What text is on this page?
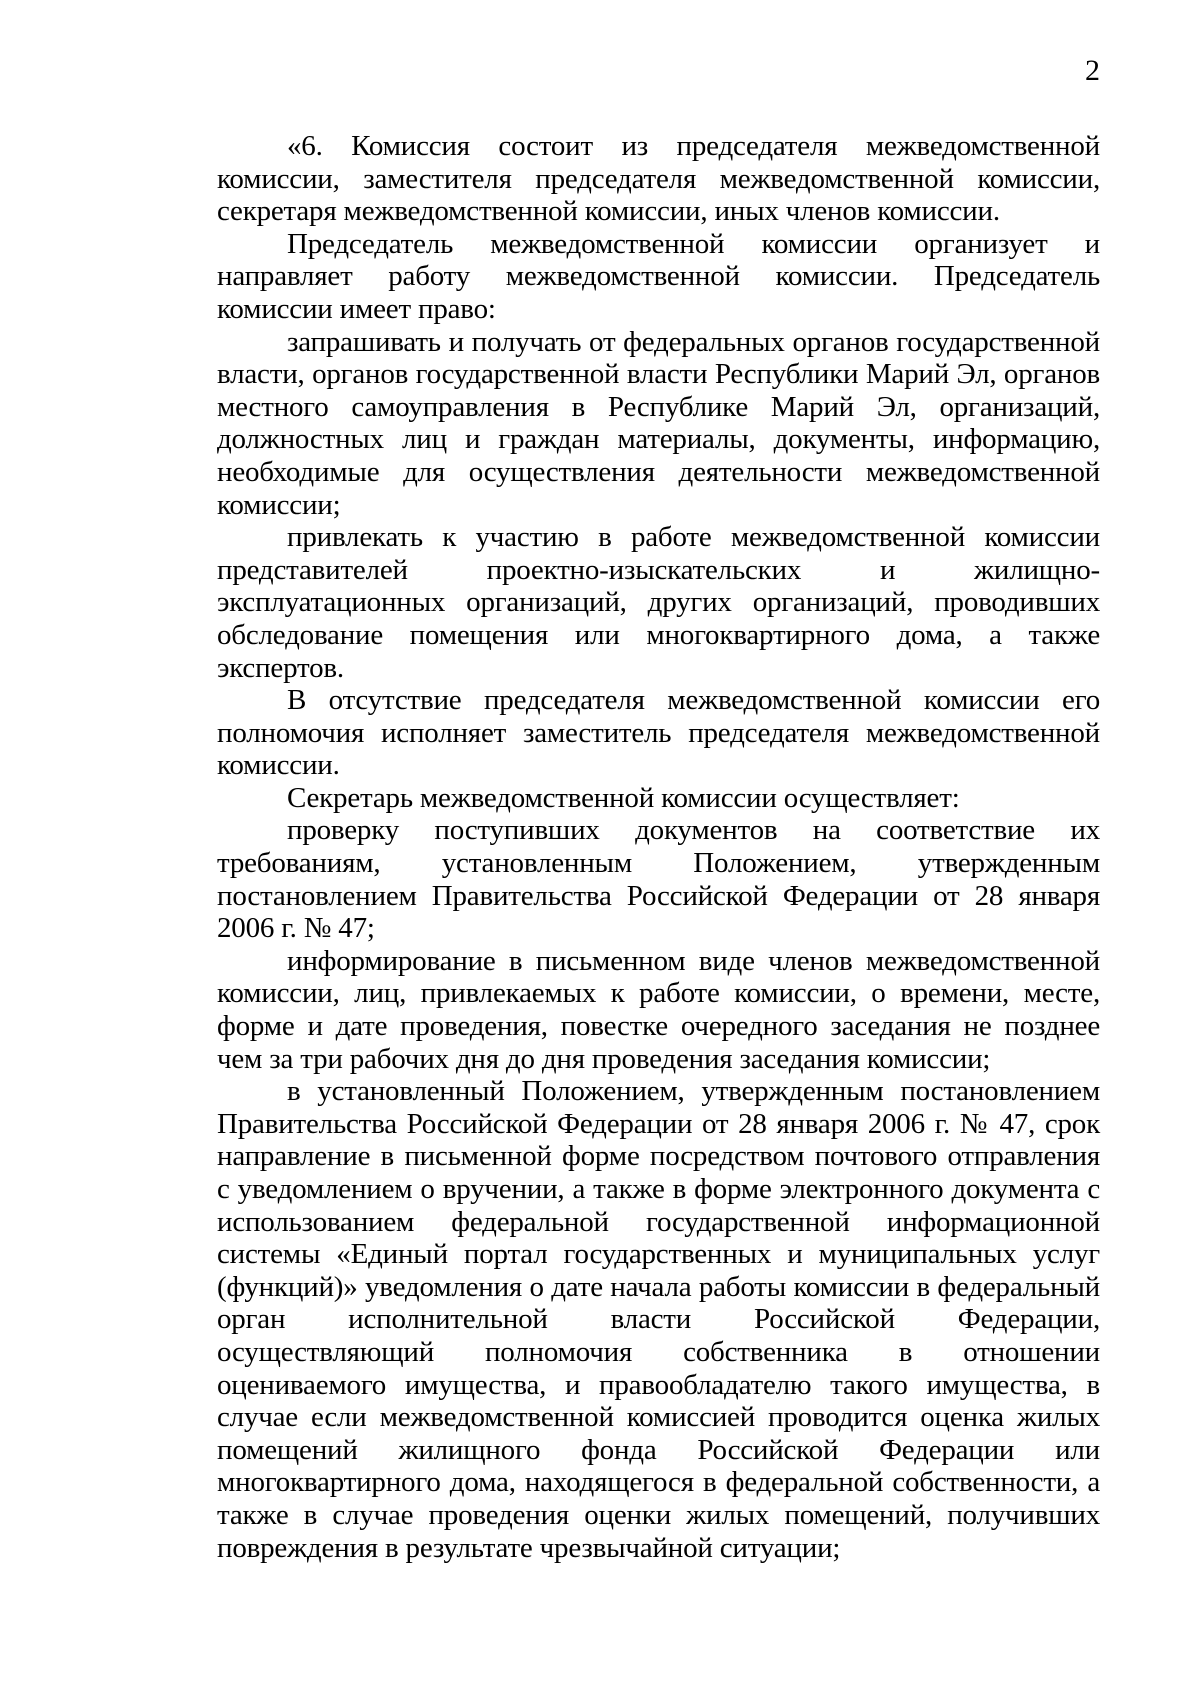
2

«6. Комиссия состоит из председателя межведомственной комиссии, заместителя председателя межведомственной комиссии, секретаря межведомственной комиссии, иных членов комиссии.

Председатель межведомственной комиссии организует и направляет работу межведомственной комиссии. Председатель комиссии имеет право:

запрашивать и получать от федеральных органов государственной власти, органов государственной власти Республики Марий Эл, органов местного самоуправления в Республике Марий Эл, организаций, должностных лиц и граждан материалы, документы, информацию, необходимые для осуществления деятельности межведомственной комиссии;

привлекать к участию в работе межведомственной комиссии представителей проектно-изыскательских и жилищно-эксплуатационных организаций, других организаций, проводивших обследование помещения или многоквартирного дома, а также экспертов.

В отсутствие председателя межведомственной комиссии его полномочия исполняет заместитель председателя межведомственной комиссии.

Секретарь межведомственной комиссии осуществляет:

проверку поступивших документов на соответствие их требованиям, установленным Положением, утвержденным постановлением Правительства Российской Федерации от 28 января 2006 г. № 47;

информирование в письменном виде членов межведомственной комиссии, лиц, привлекаемых к работе комиссии, о времени, месте, форме и дате проведения, повестке очередного заседания не позднее чем за три рабочих дня до дня проведения заседания комиссии;

в установленный Положением, утвержденным постановлением Правительства Российской Федерации от 28 января 2006 г. № 47, срок направление в письменной форме посредством почтового отправления с уведомлением о вручении, а также в форме электронного документа с использованием федеральной государственной информационной системы «Единый портал государственных и муниципальных услуг (функций)» уведомления о дате начала работы комиссии в федеральный орган исполнительной власти Российской Федерации, осуществляющий полномочия собственника в отношении оцениваемого имущества, и правообладателю такого имущества, в случае если межведомственной комиссией проводится оценка жилых помещений жилищного фонда Российской Федерации или многоквартирного дома, находящегося в федеральной собственности, а также в случае проведения оценки жилых помещений, получивших повреждения в результате чрезвычайной ситуации;
